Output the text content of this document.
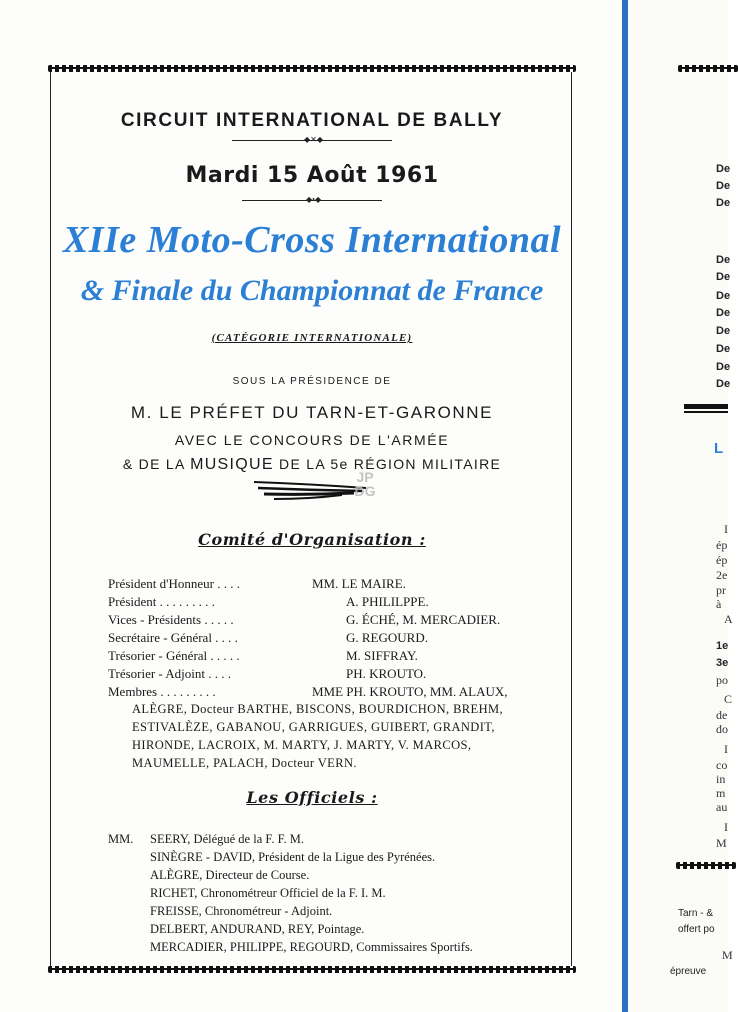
CIRCUIT INTERNATIONAL DE BALLY
◆✕◆
Mardi 15 Août 1961
◆•◆
XIIe Moto-Cross International
& Finale du Championnat de France
(CATÉGORIE INTERNATIONALE)
SOUS LA PRÉSIDENCE DE
M. LE PRÉFET DU TARN-ET-GARONNE
AVEC LE CONCOURS DE L'ARMÉE
& DE LA MUSIQUE DE LA 5e RÉGION MILITAIRE
JP DG
Comité d'Organisation :
Président d'Honneur . . . .	MM. LE MAIRE.
Président . . . . . . . . .	A. PHILILPPE.
Vices - Présidents . . . . .	G. ÉCHÉ, M. MERCADIER.
Secrétaire - Général . . . .	G. REGOURD.
Trésorier - Général . . . . .	M. SIFFRAY.
Trésorier - Adjoint . . . .	PH. KROUTO.
Membres . . . . . . . . .	MME PH. KROUTO, MM. ALAUX,
ALÈGRE, Docteur BARTHE, BISCONS, BOURDICHON, BREHM,
ESTIVALÈZE, GABANOU, GARRIGUES, GUIBERT, GRANDIT,
HIRONDE, LACROIX, M. MARTY, J. MARTY, V. MARCOS,
MAUMELLE, PALACH, Docteur VERN.
Les Officiels :
MM. SEERY, Délégué de la F. F. M.
SINÈGRE - DAVID, Président de la Ligue des Pyrénées.
ALÈGRE, Directeur de Course.
RICHET, Chronométreur Officiel de la F. I. M.
FREISSE, Chronométreur - Adjoint.
DELBERT, ANDURAND, REY, Pointage.
MERCADIER, PHILIPPE, REGOURD, Commissaires Sportifs.
De
De
De
De
De
De
De
De
De
De
De
L
I
ép
ép
2e
pr
à
A
1e
3e
po
C
de
do
I
co
in
m
au
I
M
Tarn - &
offert po
M
épreuve
